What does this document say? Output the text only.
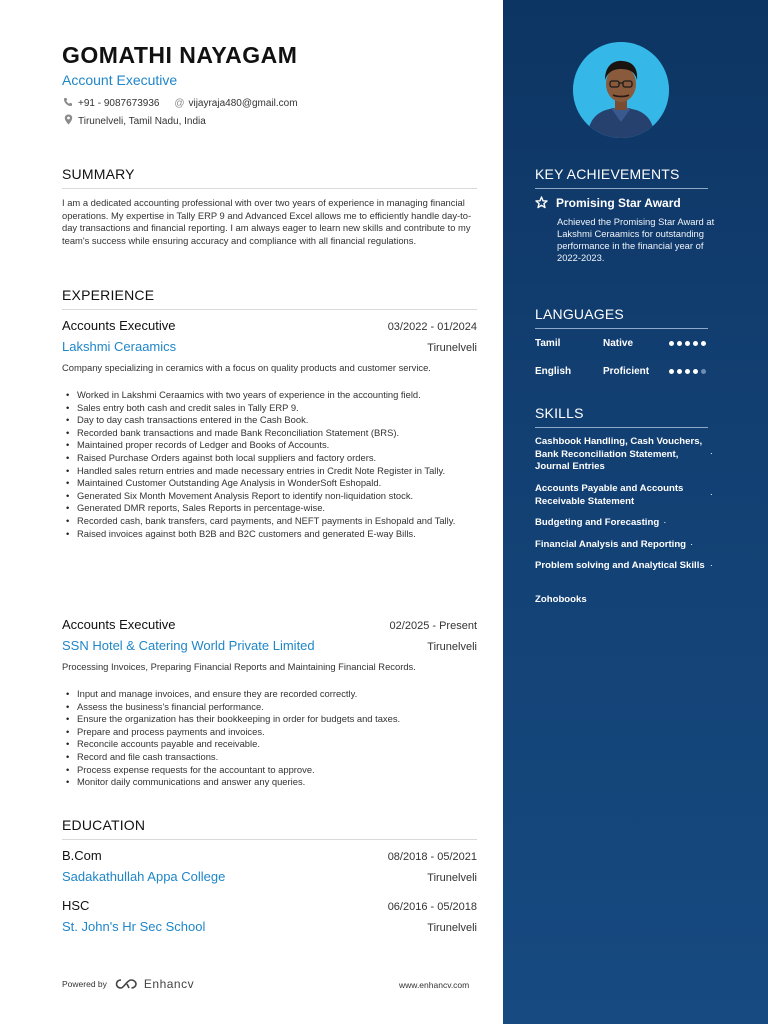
GOMATHI NAYAGAM
Account Executive
+91 - 9087673936 @ vijayraja480@gmail.com
Tirunelveli, Tamil Nadu, India
SUMMARY
I am a dedicated accounting professional with over two years of experience in managing financial operations. My expertise in Tally ERP 9 and Advanced Excel allows me to efficiently handle day-to-day transactions and financial reporting. I am always eager to learn new skills and contribute to my team's success while ensuring accuracy and compliance with all financial regulations.
EXPERIENCE
Accounts Executive	03/2022 - 01/2024
Lakshmi Ceraamics	Tirunelveli
Company specializing in ceramics with a focus on quality products and customer service.
• Worked in Lakshmi Ceraamics with two years of experience in the accounting field.
• Sales entry both cash and credit sales in Tally ERP 9.
• Day to day cash transactions entered in the Cash Book.
• Recorded bank transactions and made Bank Reconciliation Statement (BRS).
• Maintained proper records of Ledger and Books of Accounts.
• Raised Purchase Orders against both local suppliers and factory orders.
• Handled sales return entries and made necessary entries in Credit Note Register in Tally.
• Maintained Customer Outstanding Age Analysis in WonderSoft Eshopald.
• Generated Six Month Movement Analysis Report to identify non-liquidation stock.
• Generated DMR reports, Sales Reports in percentage-wise.
• Recorded cash, bank transfers, card payments, and NEFT payments in Eshopald and Tally.
• Raised invoices against both B2B and B2C customers and generated E-way Bills.
Accounts Executive	02/2025 - Present
SSN Hotel & Catering World Private Limited	Tirunelveli
Processing Invoices, Preparing Financial Reports and Maintaining Financial Records.
• Input and manage invoices, and ensure they are recorded correctly.
• Assess the business's financial performance.
• Ensure the organization has their bookkeeping in order for budgets and taxes.
• Prepare and process payments and invoices.
• Reconcile accounts payable and receivable.
• Record and file cash transactions.
• Process expense requests for the accountant to approve.
• Monitor daily communications and answer any queries.
EDUCATION
B.Com	08/2018 - 05/2021
Sadakathullah Appa College	Tirunelveli
HSC	06/2016 - 05/2018
St. John's Hr Sec School	Tirunelveli
Powered by	Enhancv	www.enhancv.com
KEY ACHIEVEMENTS
Promising Star Award
Achieved the Promising Star Award at Lakshmi Ceraamics for outstanding performance in the financial year of 2022-2023.
LANGUAGES
Tamil	Native
English	Proficient
SKILLS
Cashbook Handling, Cash Vouchers, Bank Reconciliation Statement, Journal Entries
·
Accounts Payable and Accounts Receivable Statement
·
Budgeting and Forecasting ·
Financial Analysis and Reporting ·
Problem solving and Analytical Skills ·
Zohobooks
